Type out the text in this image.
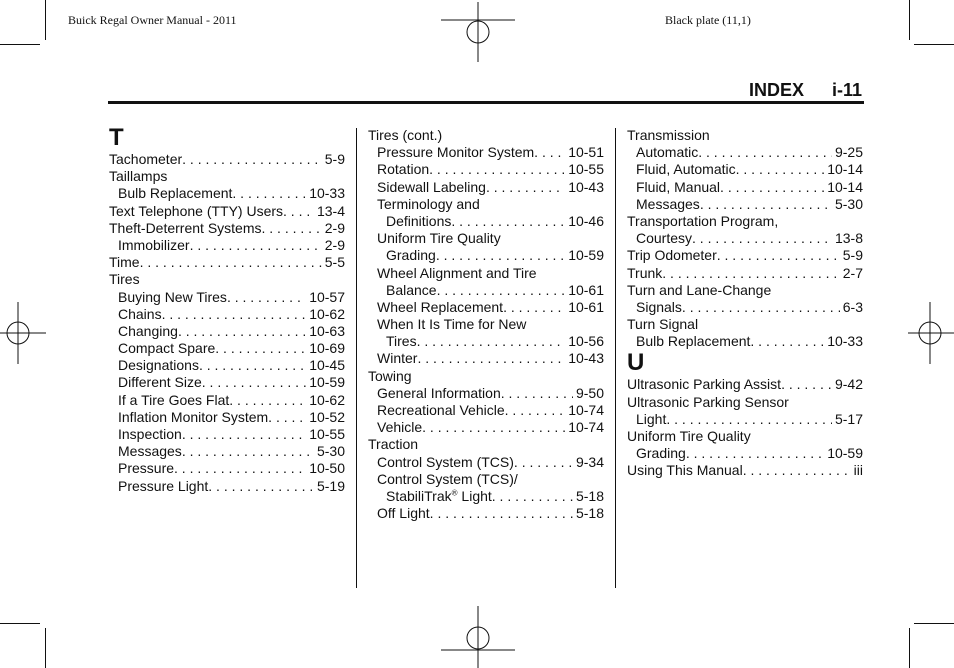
Buick Regal Owner Manual - 2011	Black plate (11,1)
INDEX i-11
T
Tachometer . . .	5-9
Taillamps
Bulb Replacement . . .	10-33
Text Telephone (TTY) Users . . . 13-4
Theft-Deterrent Systems . . .	2-9
Immobilizer . . .	2-9
Time . . .	5-5
Tires
Buying New Tires . . .	10-57
Chains . . .	10-62
Changing . . .	10-63
Compact Spare . . .	10-69
Designations . . .	10-45
Different Size . . .	10-59
If a Tire Goes Flat . . .	10-62
Inflation Monitor System . . .	10-52
Inspection . . .	10-55
Messages . . .	5-30
Pressure . . .	10-50
Pressure Light . . .	5-19
Tires (cont.)
Pressure Monitor System . . . 10-51
Rotation . . .	10-55
Sidewall Labeling . . .	10-43
Terminology and
Definitions . . .	10-46
Uniform Tire Quality
Grading . . .	10-59
Wheel Alignment and Tire
Balance . . .	10-61
Wheel Replacement . . .	10-61
When It Is Time for New
Tires . . .	10-56
Winter . . .	10-43
Towing
General Information . . .	9-50
Recreational Vehicle . . .	10-74
Vehicle . . .	10-74
Traction
Control System (TCS) . . .	9-34
Control System (TCS)/
StabiliTrak® Light . . .	5-18
Off Light . . .	5-18
Transmission
Automatic . . .	9-25
Fluid, Automatic . . .	10-14
Fluid, Manual . . .	10-14
Messages . . .	5-30
Transportation Program,
Courtesy . . .	13-8
Trip Odometer . . .	5-9
Trunk . . .	2-7
Turn and Lane-Change
Signals . . .	6-3
Turn Signal
Bulb Replacement . . .	10-33
U
Ultrasonic Parking Assist . . .	9-42
Ultrasonic Parking Sensor
Light . . .	5-17
Uniform Tire Quality
Grading . . .	10-59
Using This Manual . . .	iii
